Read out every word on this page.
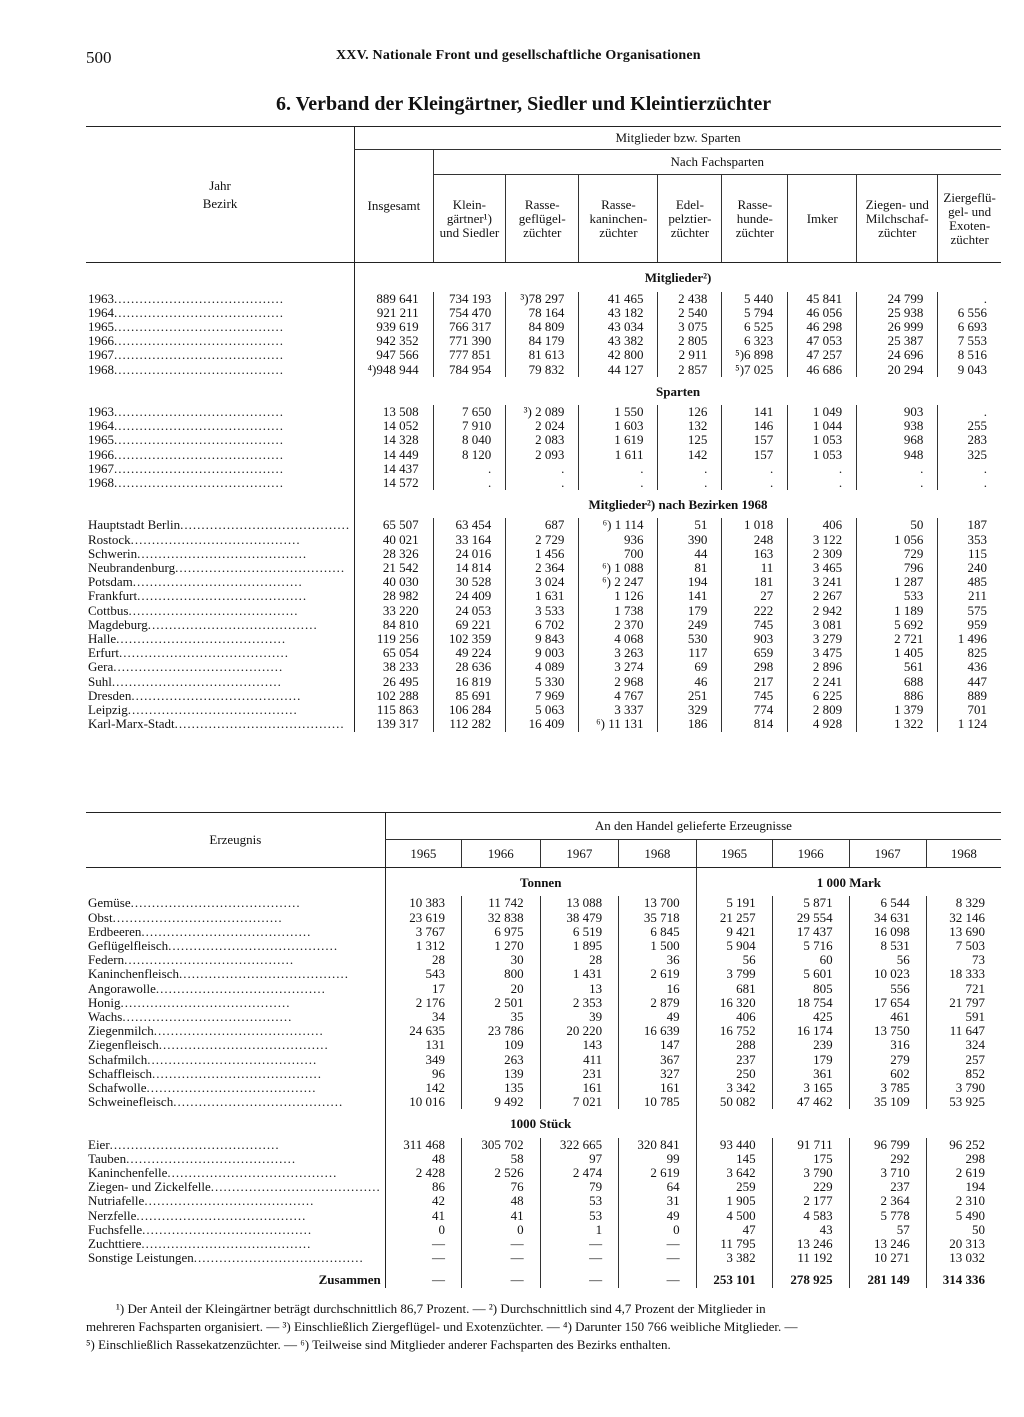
500	XXV. Nationale Front und gesellschaftliche Organisationen
6. Verband der Kleingärtner, Siedler und Kleintierzüchter
Jahr
Bezirk	Mitglieder bzw. Sparten								
	Insgesamt	Nach Fachsparten							
		Klein-
gärtner¹)
und Siedler	Rasse-
geflügel-
züchter	Rasse-
kaninchen-
züchter	Edel-
pelztier-
züchter	Rasse-
hunde-
züchter	Imker	Ziegen- und
Milchschaf-
züchter	Ziergeflü-
gel- und
Exoten-
züchter
	Mitglieder²)								

1963 ........................................	889 641	734 193	³)78 297	41 465	2 438	5 440	45 841	24 799	.

1964 ........................................	921 211	754 470	78 164	43 182	2 540	5 794	46 056	25 938	6 556

1965 ........................................	939 619	766 317	84 809	43 034	3 075	6 525	46 298	26 999	6 693

1966 ........................................	942 352	771 390	84 179	43 382	2 805	6 323	47 053	25 387	7 553

1967 ........................................	947 566	777 851	81 613	42 800	2 911	⁵)6 898	47 257	24 696	8 516

1968 ........................................	⁴)948 944	784 954	79 832	44 127	2 857	⁵)7 025	46 686	20 294	9 043
	Sparten								

1963 ........................................	13 508	7 650	³) 2 089	1 550	126	141	1 049	903	.

1964 ........................................	14 052	7 910	2 024	1 603	132	146	1 044	938	255

1965 ........................................	14 328	8 040	2 083	1 619	125	157	1 053	968	283

1966 ........................................	14 449	8 120	2 093	1 611	142	157	1 053	948	325

1967 ........................................	14 437	.	.	.	.	.	.	.	.

1968 ........................................	14 572	.	.	.	.	.	.	.	.
	Mitglieder²) nach Bezirken 1968								

Hauptstadt Berlin ........................................	65 507	63 454	687	⁶) 1 114	51	1 018	406	50	187

Rostock ........................................	40 021	33 164	2 729	936	390	248	3 122	1 056	353

Schwerin ........................................	28 326	24 016	1 456	700	44	163	2 309	729	115

Neubrandenburg ........................................	21 542	14 814	2 364	⁶) 1 088	81	11	3 465	796	240

Potsdam ........................................	40 030	30 528	3 024	⁶) 2 247	194	181	3 241	1 287	485

Frankfurt ........................................	28 982	24 409	1 631	1 126	141	27	2 267	533	211

Cottbus ........................................	33 220	24 053	3 533	1 738	179	222	2 942	1 189	575

Magdeburg ........................................	84 810	69 221	6 702	2 370	249	745	3 081	5 692	959

Halle ........................................	119 256	102 359	9 843	4 068	530	903	3 279	2 721	1 496

Erfurt ........................................	65 054	49 224	9 003	3 263	117	659	3 475	1 405	825

Gera ........................................	38 233	28 636	4 089	3 274	69	298	2 896	561	436

Suhl ........................................	26 495	16 819	5 330	2 968	46	217	2 241	688	447

Dresden ........................................	102 288	85 691	7 969	4 767	251	745	6 225	886	889

Leipzig ........................................	115 863	106 284	5 063	3 337	329	774	2 809	1 379	701

Karl-Marx-Stadt ........................................	139 317	112 282	16 409	⁶) 11 131	186	814	4 928	1 322	1 124
Erzeugnis	An den Handel gelieferte Erzeugnisse							
	1965	1966	1967	1968	1965	1966	1967	1968
	Tonnen				1 000 Mark			

Gemüse ........................................	10 383	11 742	13 088	13 700	5 191	5 871	6 544	8 329

Obst ........................................	23 619	32 838	38 479	35 718	21 257	29 554	34 631	32 146

Erdbeeren ........................................	3 767	6 975	6 519	6 845	9 421	17 437	16 098	13 690

Geflügelfleisch ........................................	1 312	1 270	1 895	1 500	5 904	5 716	8 531	7 503

Federn ........................................	28	30	28	36	56	60	56	73

Kaninchenfleisch ........................................	543	800	1 431	2 619	3 799	5 601	10 023	18 333

Angorawolle ........................................	17	20	13	16	681	805	556	721

Honig ........................................	2 176	2 501	2 353	2 879	16 320	18 754	17 654	21 797

Wachs ........................................	34	35	39	49	406	425	461	591

Ziegenmilch ........................................	24 635	23 786	20 220	16 639	16 752	16 174	13 750	11 647

Ziegenfleisch ........................................	131	109	143	147	288	239	316	324

Schafmilch ........................................	349	263	411	367	237	179	279	257

Schaffleisch ........................................	96	139	231	327	250	361	602	852

Schafwolle ........................................	142	135	161	161	3 342	3 165	3 785	3 790

Schweinefleisch ........................................	10 016	9 492	7 021	10 785	50 082	47 462	35 109	53 925
	1000 Stück							

Eier ........................................	311 468	305 702	322 665	320 841	93 440	91 711	96 799	96 252

Tauben ........................................	48	58	97	99	145	175	292	298

Kaninchenfelle ........................................	2 428	2 526	2 474	2 619	3 642	3 790	3 710	2 619

Ziegen- und Zickelfelle ........................................	86	76	79	64	259	229	237	194

Nutriafelle ........................................	42	48	53	31	1 905	2 177	2 364	2 310

Nerzfelle ........................................	41	41	53	49	4 500	4 583	5 778	5 490

Fuchsfelle ........................................	0	0	1	0	47	43	57	50

Zuchttiere ........................................	—	—	—	—	11 795	13 246	13 246	20 313

Sonstige Leistungen ........................................	—	—	—	—	3 382	11 192	10 271	13 032
Zusammen	—	—	—	—	253 101	278 925	281 149	314 336
¹) Der Anteil der Kleingärtner beträgt durchschnittlich 86,7 Prozent. — ²) Durchschnittlich sind 4,7 Prozent der Mitglieder in
mehreren Fachsparten organisiert. — ³) Einschließlich Ziergeflügel- und Exotenzüchter. — ⁴) Darunter 150 766 weibliche Mitglieder. —
⁵) Einschließlich Rassekatzenzüchter. — ⁶) Teilweise sind Mitglieder anderer Fachsparten des Bezirks enthalten.
